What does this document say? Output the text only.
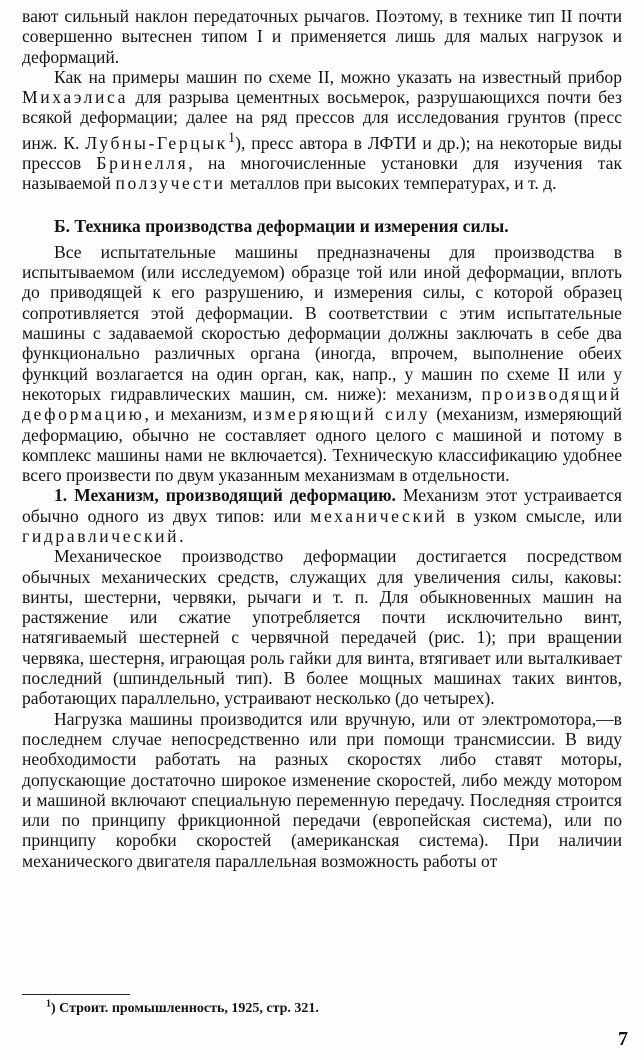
вают сильный наклон передаточных рычагов. Поэтому, в технике тип II почти совершенно вытеснен типом I и применяется лишь для малых нагрузок и деформаций.

Как на примеры машин по схеме II, можно указать на известный прибор Михаэлиса для разрыва цементных восьмерок, разрушающихся почти без всякой деформации; далее на ряд прессов для исследования грунтов (пресс инж. К. Лубны-Герцык$^1$), пресс автора в ЛФТИ и др.); на некоторые виды прессов Бринелля, на многочисленные установки для изучения так называемой ползучести металлов при высоких температурах, и т. д.

Б. Техника производства деформации и измерения силы.

Все испытательные машины предназначены для производства в испытываемом (или исследуемом) образце той или иной деформации, вплоть до приводящей к его разрушению, и измерения силы, с которой образец сопротивляется этой деформации. В соответствии с этим испытательные машины с задаваемой скоростью деформации должны заключать в себе два функционально различных органа (иногда, впрочем, выполнение обеих функций возлагается на один орган, как, напр., у машин по схеме II или у некоторых гидравлических машин, см. ниже): механизм, производящий деформацию, и механизм, измеряющий силу (механизм, измеряющий деформацию, обычно не составляет одного целого с машиной и потому в комплекс машины нами не включается). Техническую классификацию удобнее всего произвести по двум указанным механизмам в отдельности.

1. Механизм, производящий деформацию. Механизм этот устраивается обычно одного из двух типов: или механический в узком смысле, или гидравлический.

Механическое производство деформации достигается посредством обычных механических средств, служащих для увеличения силы, каковы: винты, шестерни, червяки, рычаги и т. п. Для обыкновенных машин на растяжение или сжатие употребляется почти исключительно винт, натягиваемый шестерней с червячной передачей (рис. 1); при вращении червяка, шестерня, играющая роль гайки для винта, втягивает или выталкивает последний (шпиндельный тип). В более мощных машинах таких винтов, работающих параллельно, устраивают несколько (до четырех).

Нагрузка машины производится или вручную, или от электромотора,—в последнем случае непосредственно или при помощи трансмиссии. В виду необходимости работать на разных скоростях либо ставят моторы, допускающие достаточно широкое изменение скоростей, либо между мотором и машиной включают специальную переменную передачу. Последняя строится или по принципу фрикционной передачи (европейская система), или по принципу коробки скоростей (американская система). При наличии механического двигателя параллельная возможность работы от

$^1$) Строит. промышленность, 1925, стр. 321.
7
